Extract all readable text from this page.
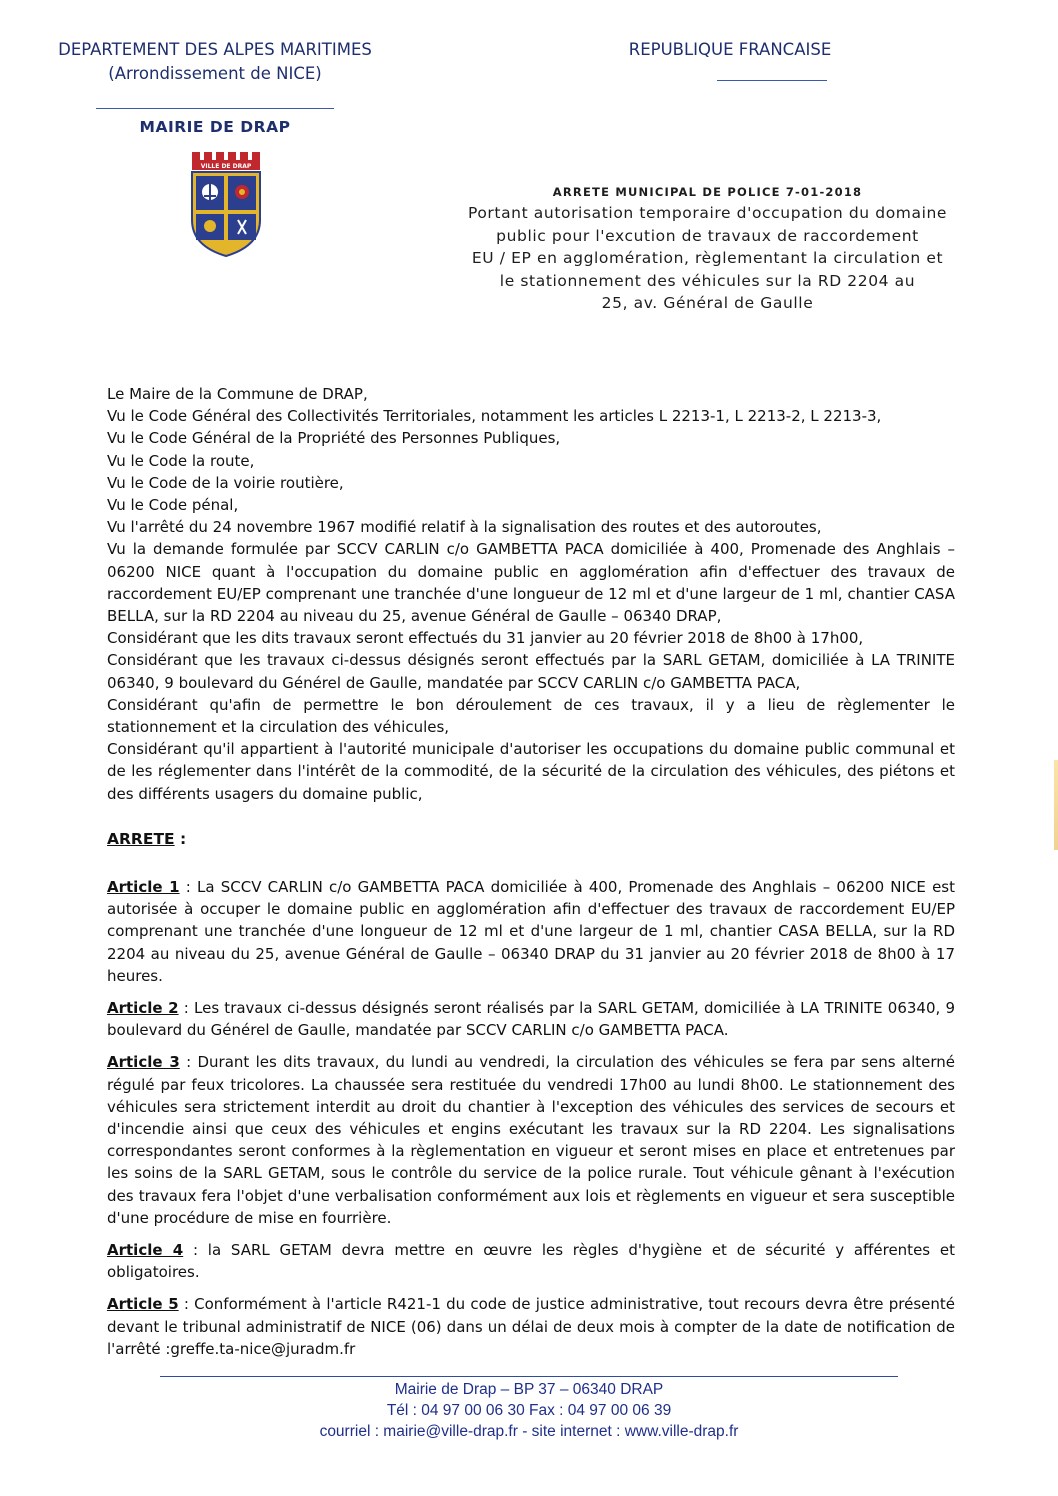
DEPARTEMENT DES ALPES MARITIMES
(Arrondissement de NICE)
MAIRIE DE DRAP
REPUBLIQUE FRANCAISE
VILLE DE DRAP
ARRETE MUNICIPAL DE POLICE 7-01-2018
Portant autorisation temporaire d'occupation du domaine
public pour l'excution de travaux de raccordement
EU / EP en agglomération, règlementant la circulation et
le stationnement des véhicules sur la RD 2204 au
25, av. Général de Gaulle

Le Maire de la Commune de DRAP,

Vu le Code Général des Collectivités Territoriales, notamment les articles L 2213-1, L 2213-2, L 2213-3,

Vu le Code Général de la Propriété des Personnes Publiques,

Vu le Code la route,

Vu le Code de la voirie routière,

Vu le Code pénal,

Vu l'arrêté du 24 novembre 1967 modifié relatif à la signalisation des routes et des autoroutes,

Vu la demande formulée par SCCV CARLIN c/o GAMBETTA PACA domiciliée à 400, Promenade des Anghlais – 06200 NICE quant à l'occupation du domaine public en agglomération afin d'effectuer des travaux de raccordement EU/EP comprenant une tranchée d'une longueur de 12 ml et d'une largeur de 1 ml, chantier CASA BELLA, sur la RD 2204 au niveau du 25, avenue Général de Gaulle – 06340 DRAP,

Considérant que les dits travaux seront effectués du 31 janvier au 20 février 2018 de 8h00 à 17h00,

Considérant que les travaux ci-dessus désignés seront effectués par la SARL GETAM, domiciliée à LA TRINITE 06340, 9 boulevard du Générel de Gaulle, mandatée par SCCV CARLIN c/o GAMBETTA PACA,

Considérant qu'afin de permettre le bon déroulement de ces travaux, il y a lieu de règlementer le stationnement et la circulation des véhicules,

Considérant qu'il appartient à l'autorité municipale d'autoriser les occupations du domaine public communal et de les réglementer dans l'intérêt de la commodité, de la sécurité de la circulation des véhicules, des piétons et des différents usagers du domaine public,

ARRETE :

Article 1 : La SCCV CARLIN c/o GAMBETTA PACA domiciliée à 400, Promenade des Anghlais – 06200 NICE est autorisée à occuper le domaine public en agglomération afin d'effectuer des travaux de raccordement EU/EP comprenant une tranchée d'une longueur de 12 ml et d'une largeur de 1 ml, chantier CASA BELLA, sur la RD 2204 au niveau du 25, avenue Général de Gaulle – 06340 DRAP du 31 janvier au 20 février 2018 de 8h00 à 17 heures.

Article 2 : Les travaux ci-dessus désignés seront réalisés par la SARL GETAM, domiciliée à LA TRINITE 06340, 9 boulevard du Générel de Gaulle, mandatée par SCCV CARLIN c/o GAMBETTA PACA.

Article 3 : Durant les dits travaux, du lundi au vendredi, la circulation des véhicules se fera par sens alterné régulé par feux tricolores. La chaussée sera restituée du vendredi 17h00 au lundi 8h00. Le stationnement des véhicules sera strictement interdit au droit du chantier à l'exception des véhicules des services de secours et d'incendie ainsi que ceux des véhicules et engins exécutant les travaux sur la RD 2204. Les signalisations correspondantes seront conformes à la règlementation en vigueur et seront mises en place et entretenues par les soins de la SARL GETAM, sous le contrôle du service de la police rurale. Tout véhicule gênant à l'exécution des travaux fera l'objet d'une verbalisation conformément aux lois et règlements en vigueur et sera susceptible d'une procédure de mise en fourrière.

Article 4 : la SARL GETAM devra mettre en œuvre les règles d'hygiène et de sécurité y afférentes et obligatoires.

Article 5 : Conformément à l'article R421-1 du code de justice administrative, tout recours devra être présenté devant le tribunal administratif de NICE (06) dans un délai de deux mois à compter de la date de notification de l'arrêté :greffe.ta-nice@juradm.fr

Mairie de Drap – BP 37 – 06340 DRAP
Tél : 04 97 00 06 30 Fax : 04 97 00 06 39
courriel : mairie@ville-drap.fr - site internet : www.ville-drap.fr
